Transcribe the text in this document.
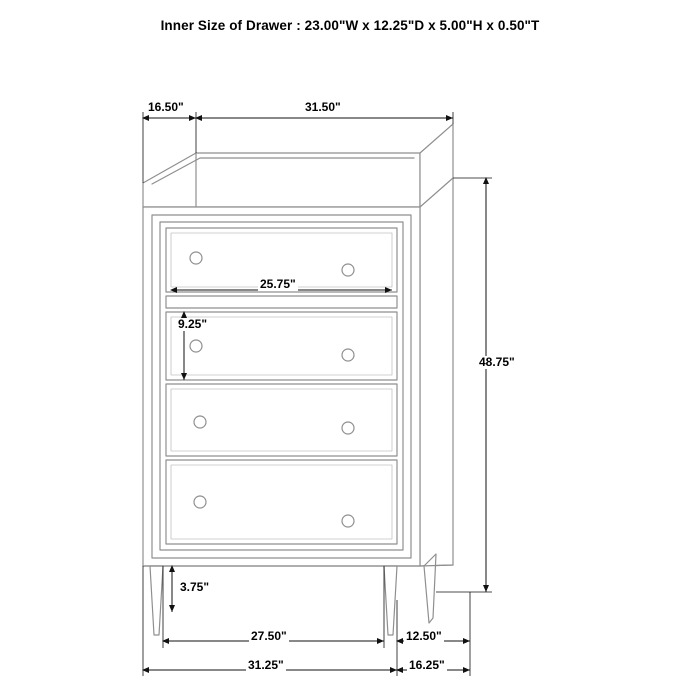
Inner Size of Drawer : 23.00"W x 12.25"D x 5.00"H x 0.50"T
16.50"	31.50"
48.75"
25.75"
9.25"
3.75"
27.50"
31.25"
12.50"
16.25"
